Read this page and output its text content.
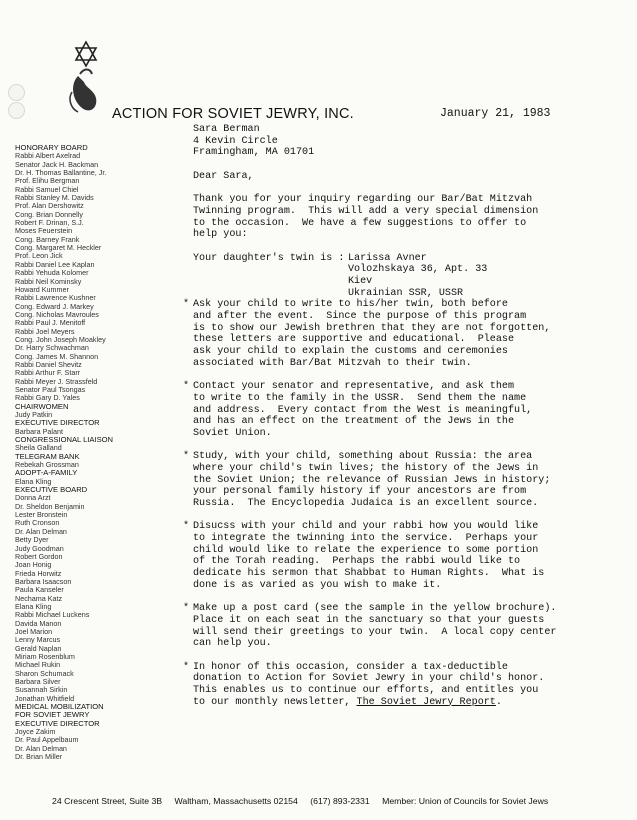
ACTION FOR SOVIET JEWRY, INC.	January 21, 1983
HONORARY BOARD
Rabbi Albert Axelrad
Senator Jack H. Backman
Dr. H. Thomas Ballantine, Jr.
Prof. Elihu Bergman
Rabbi Samuel Chiel
Rabbi Stanley M. Davids
Prof. Alan Dershowitz
Cong. Brian Donnelly
Robert F. Drinan, S.J.
Moses Feuerstein
Cong. Barney Frank
Cong. Margaret M. Heckler
Prof. Leon Jick
Rabbi Daniel Lee Kaplan
Rabbi Yehuda Kolomer
Rabbi Neil Kominsky
Howard Kummer
Rabbi Lawrence Kushner
Cong. Edward J. Markey
Cong. Nicholas Mavroules
Rabbi Paul J. Menitoff
Rabbi Joel Meyers
Cong. John Joseph Moakley
Dr. Harry Schwachman
Cong. James M. Shannon
Rabbi Daniel Shevitz
Rabbi Arthur F. Starr
Rabbi Meyer J. Strassfeld
Senator Paul Tsongas
Rabbi Gary D. Yales
CHAIRWOMEN
Judy Patkin
EXECUTIVE DIRECTOR
Barbara Palant
CONGRESSIONAL LIAISON
Sheila Galland
TELEGRAM BANK
Rebekah Grossman
ADOPT-A-FAMILY
Elana Kling
EXECUTIVE BOARD
Donna Arzt
Dr. Sheldon Benjamin
Lester Bronstein
Ruth Cronson
Dr. Alan Delman
Betty Dyer
Judy Goodman
Robert Gordon
Joan Honig
Frieda Horwitz
Barbara Isaacson
Paula Kanseler
Nechama Katz
Elana Kling
Rabbi Michael Luckens
Davida Manon
Joel Marion
Lenny Marcus
Gerald Naplan
Miriam Rosenblum
Michael Rukin
Sharon Schumack
Barbara Silver
Susannah Sirkin
Jonathan Whitfield
MEDICAL MOBILIZATION
FOR SOVIET JEWRY
EXECUTIVE DIRECTOR
Joyce Zakim
Dr. Paul Appelbaum
Dr. Alan Delman
Dr. Brian Miller
Sara Berman
4 Kevin Circle
Framingham, MA 01701
Dear Sara,
Thank you for your inquiry regarding our Bar/Bat Mitzvah
Twinning program.  This will add a very special dimension
to the occasion.  We have a few suggestions to offer to
help you:
Your daughter's twin is : Larissa Avner
Volozhskaya 36, Apt. 33
Kiev
Ukrainian SSR, USSR
* Ask your child to write to his/her twin, both before
and after the event.  Since the purpose of this program
is to show our Jewish brethren that they are not forgotten,
these letters are supportive and educational.  Please
ask your child to explain the customs and ceremonies
associated with Bar/Bat Mitzvah to their twin.
* Contact your senator and representative, and ask them
to write to the family in the USSR.  Send them the name
and address.  Every contact from the West is meaningful,
and has an effect on the treatment of the Jews in the
Soviet Union.
* Study, with your child, something about Russia: the area
where your child's twin lives; the history of the Jews in
the Soviet Union; the relevance of Russian Jews in history;
your personal family history if your ancestors are from
Russia.  The Encyclopedia Judaica is an excellent source.
* Disucss with your child and your rabbi how you would like
to integrate the twinning into the service.  Perhaps your
child would like to relate the experience to some portion
of the Torah reading.  Perhaps the rabbi would like to
dedicate his sermon that Shabbat to Human Rights.  What is
done is as varied as you wish to make it.
* Make up a post card (see the sample in the yellow brochure).
Place it on each seat in the sanctuary so that your guests
will send their greetings to your twin.  A local copy center
can help you.
* In honor of this occasion, consider a tax-deductible
donation to Action for Soviet Jewry in your child's honor.
This enables us to continue our efforts, and entitles you
to our monthly newsletter, The Soviet Jewry Report.
24 Crescent Street, Suite 3B Waltham, Massachusetts 02154 (617) 893-2331 Member: Union of Councils for Soviet Jews
